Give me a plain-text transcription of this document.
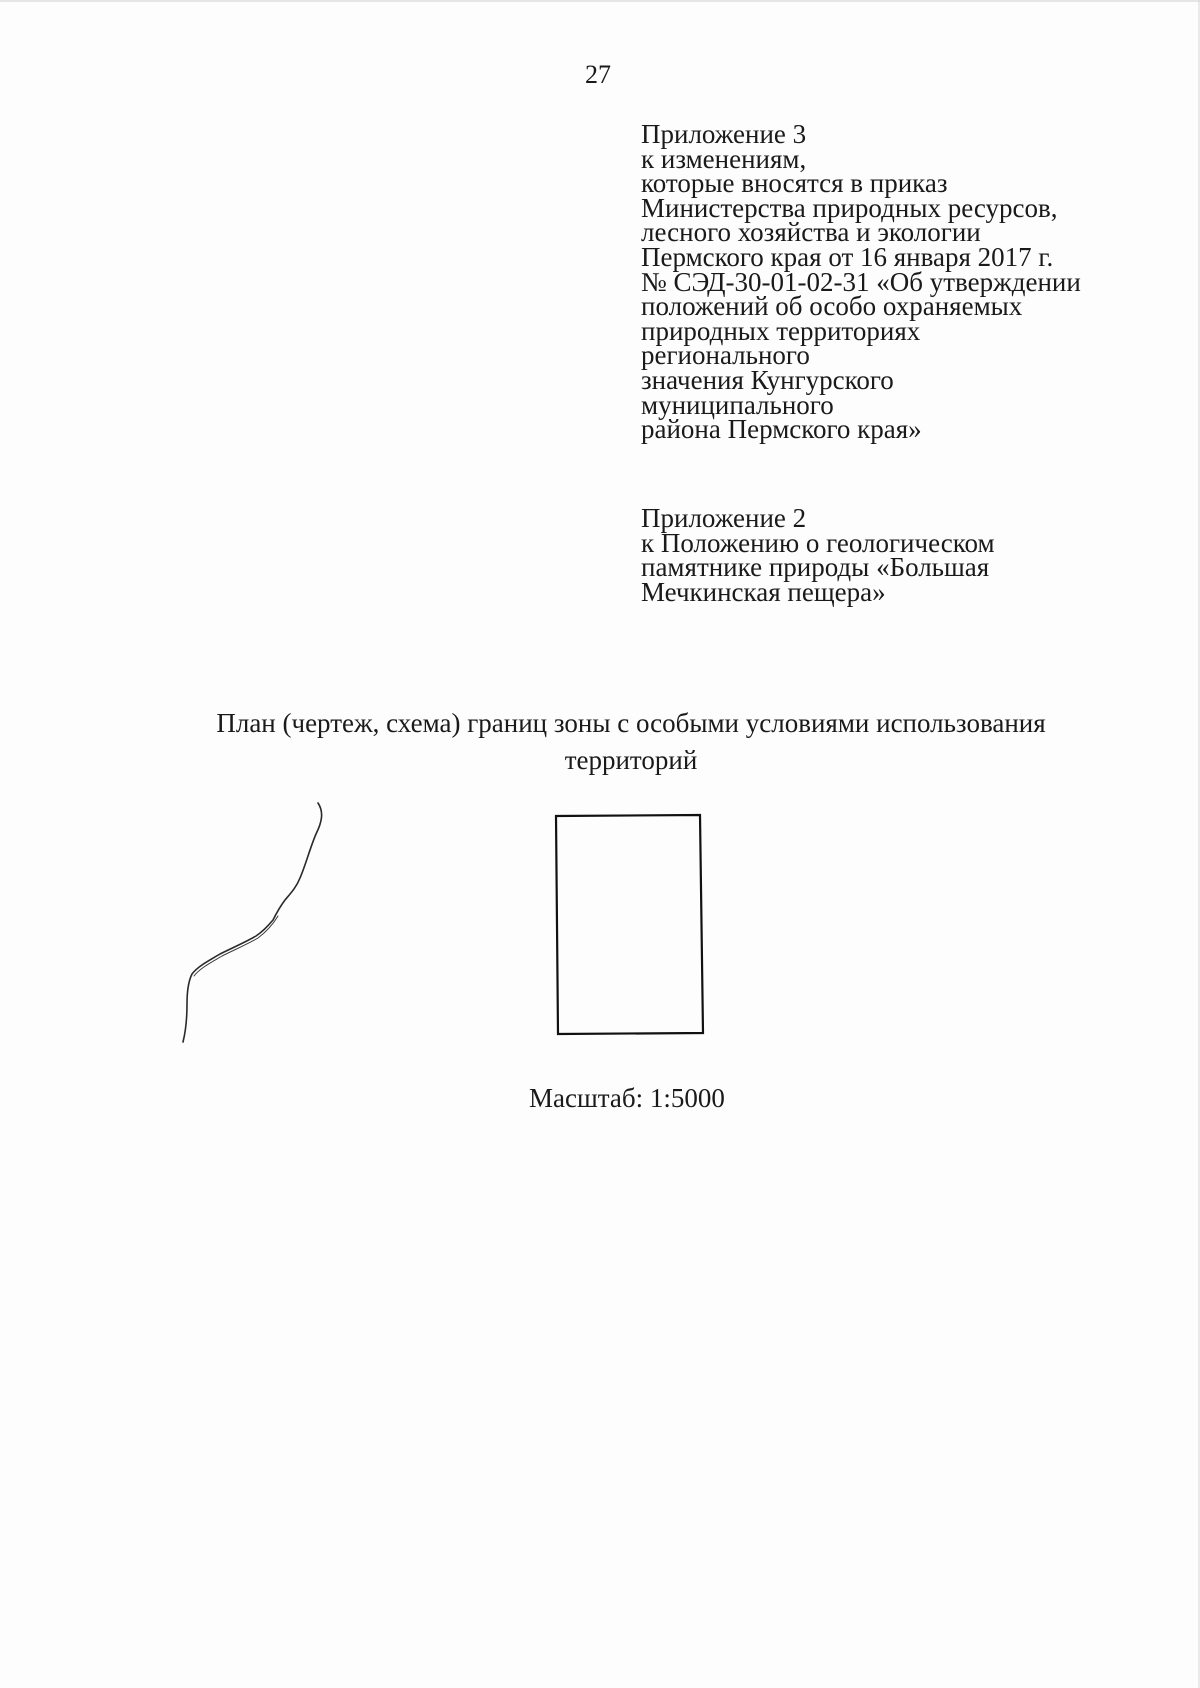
27
Приложение 3
к изменениям,
которые вносятся в приказ
Министерства природных ресурсов,
лесного хозяйства и экологии
Пермского края от 16 января 2017 г.
№ СЭД-30-01-02-31 «Об утверждении
положений об особо охраняемых
природных территориях
регионального
значения Кунгурского
муниципального
района Пермского края»
Приложение 2
к Положению о геологическом
памятнике природы «Большая
Мечкинская пещера»
План (чертеж, схема) границ зоны с особыми условиями использования
территорий
Масштаб: 1:5000
